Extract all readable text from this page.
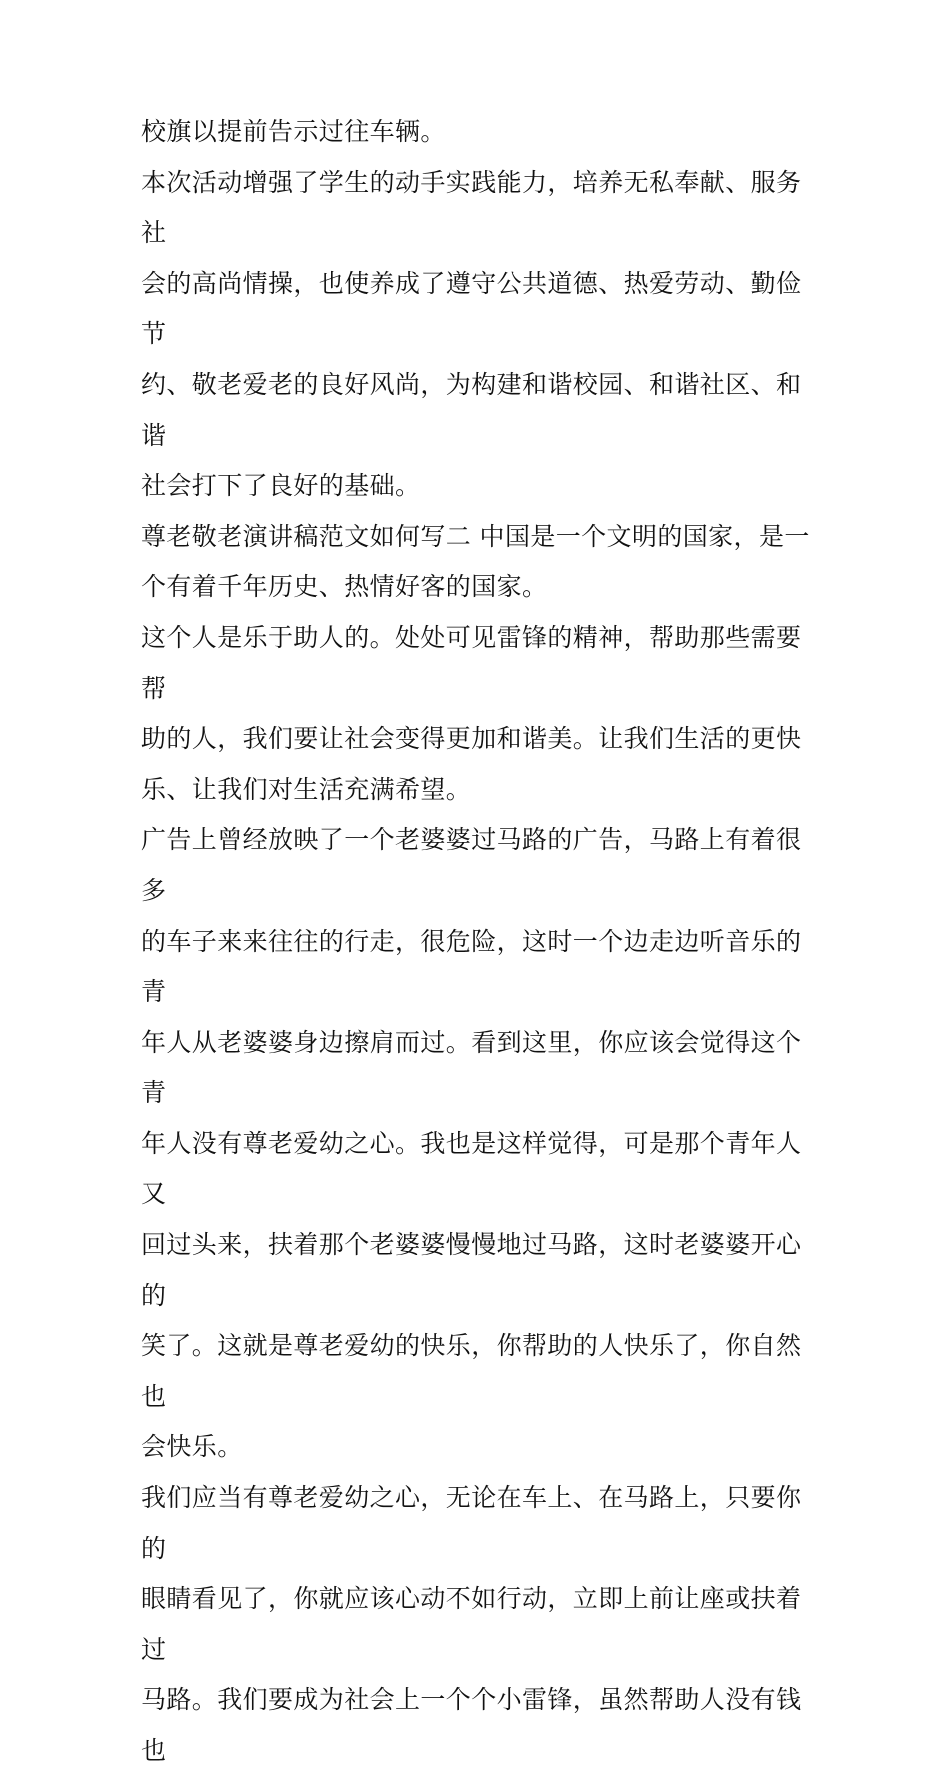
校旗以提前告示过往车辆。

本次活动增强了学生的动手实践能力，培养无私奉献、服务社
会的高尚情操，也使养成了遵守公共道德、热爱劳动、勤俭节
约、敬老爱老的良好风尚，为构建和谐校园、和谐社区、和谐
社会打下了良好的基础。

尊老敬老演讲稿范文如何写二 中国是一个文明的国家，是一
个有着千年历史、热情好客的国家。

这个人是乐于助人的。处处可见雷锋的精神，帮助那些需要帮
助的人，我们要让社会变得更加和谐美。让我们生活的更快
乐、让我们对生活充满希望。

广告上曾经放映了一个老婆婆过马路的广告，马路上有着很多
的车子来来往往的行走，很危险，这时一个边走边听音乐的青
年人从老婆婆身边擦肩而过。看到这里，你应该会觉得这个青
年人没有尊老爱幼之心。我也是这样觉得，可是那个青年人又
回过头来，扶着那个老婆婆慢慢地过马路，这时老婆婆开心的
笑了。这就是尊老爱幼的快乐，你帮助的人快乐了，你自然也
会快乐。

我们应当有尊老爱幼之心，无论在车上、在马路上，只要你的
眼睛看见了，你就应该心动不如行动，立即上前让座或扶着过
马路。我们要成为社会上一个个小雷锋，虽然帮助人没有钱也
